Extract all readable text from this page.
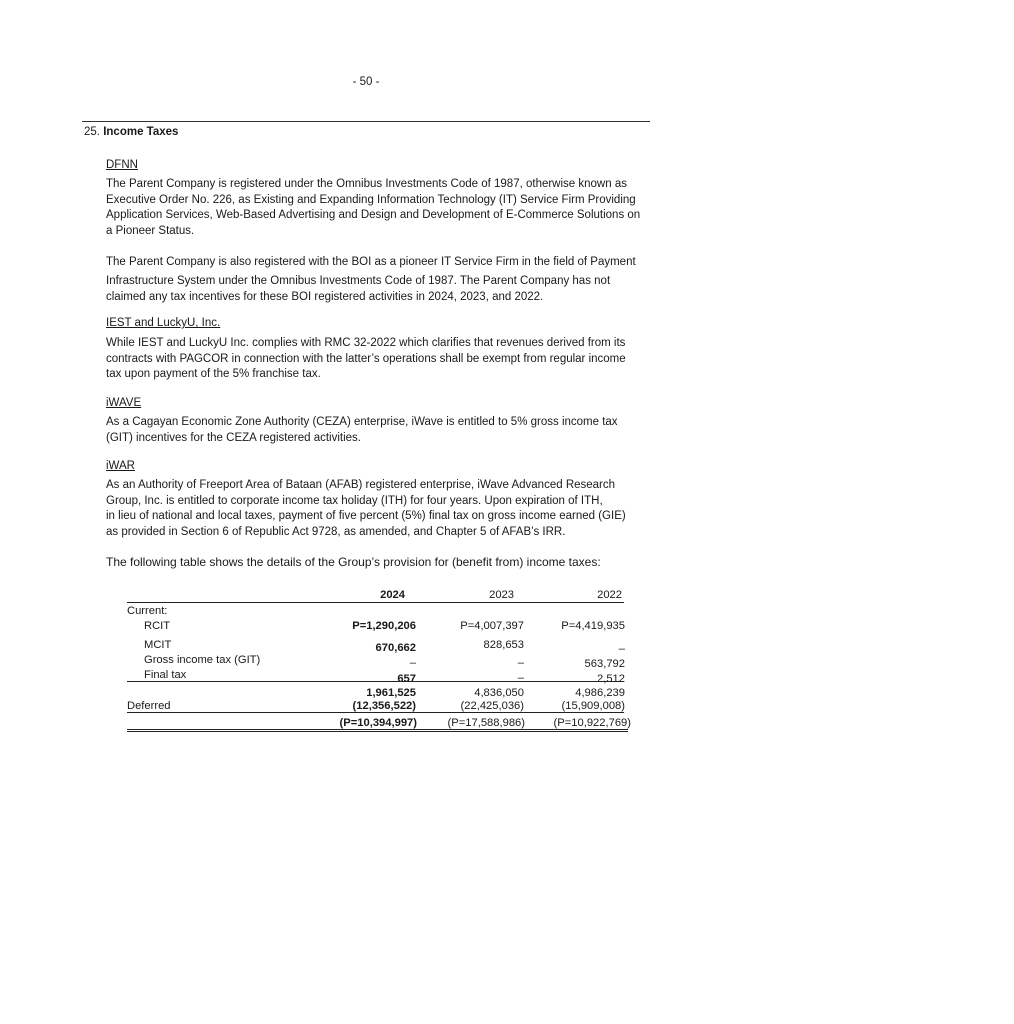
- 50 -
25. Income Taxes
DFNN

The Parent Company is registered under the Omnibus Investments Code of 1987, otherwise known as

Executive Order No. 226, as Existing and Expanding Information Technology (IT) Service Firm Providing

Application Services, Web-Based Advertising and Design and Development of E-Commerce Solutions on

a Pioneer Status.

The Parent Company is also registered with the BOI as a pioneer IT Service Firm in the field of Payment

Infrastructure System under the Omnibus Investments Code of 1987. The Parent Company has not

claimed any tax incentives for these BOI registered activities in 2024, 2023, and 2022.

IEST and LuckyU, Inc.

While IEST and LuckyU Inc. complies with RMC 32-2022 which clarifies that revenues derived from its

contracts with PAGCOR in connection with the latter’s operations shall be exempt from regular income

tax upon payment of the 5% franchise tax.

iWAVE

As a Cagayan Economic Zone Authority (CEZA) enterprise, iWave is entitled to 5% gross income tax

(GIT) incentives for the CEZA registered activities.

iWAR

As an Authority of Freeport Area of Bataan (AFAB) registered enterprise, iWave Advanced Research

Group, Inc. is entitled to corporate income tax holiday (ITH) for four years. Upon expiration of ITH,

in lieu of national and local taxes, payment of five percent (5%) final tax on gross income earned (GIE)

as provided in Section 6 of Republic Act 9728, as amended, and Chapter 5 of AFAB’s IRR.

The following table shows the details of the Group’s provision for (benefit from) income taxes:
2024	2023	2022
Current:
RCIT	P=1,290,206	P=4,007,397	P=4,419,935
MCIT	670,662	828,653	–
Gross income tax (GIT)	–	–	563,792
Final tax	657	–	2,512
1,961,525	4,836,050	4,986,239
Deferred	(12,356,522)	(22,425,036)	(15,909,008)
(P=10,394,997)	(P=17,588,986)	(P=10,922,769)
